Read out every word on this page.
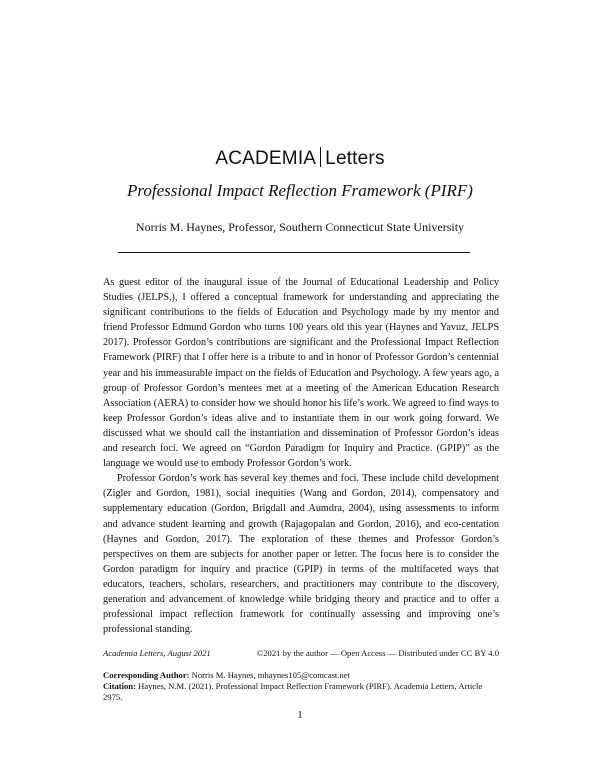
ACADEMIA Letters
Professional Impact Reflection Framework (PIRF)
Norris M. Haynes, Professor, Southern Connecticut State University

As guest editor of the inaugural issue of the Journal of Educational Leadership and Policy Studies (JELPS,), I offered a conceptual framework for understanding and appreciating the significant contributions to the fields of Education and Psychology made by my mentor and friend Professor Edmund Gordon who turns 100 years old this year (Haynes and Yavuz, JELPS 2017). Professor Gordon’s contributions are significant and the Professional Impact Reflection Framework (PIRF) that I offer here is a tribute to and in honor of Professor Gordon’s centennial year and his immeasurable impact on the fields of Education and Psychology. A few years ago, a group of Professor Gordon’s mentees met at a meeting of the American Education Research Association (AERA) to consider how we should honor his life’s work. We agreed to find ways to keep Professor Gordon’s ideas alive and to instantiate them in our work going forward. We discussed what we should call the instantiation and dissemination of Professor Gordon’s ideas and research foci. We agreed on “Gordon Paradigm for Inquiry and Practice. (GPIP)” as the language we would use to embody Professor Gordon’s work.

Professor Gordon’s work has several key themes and foci. These include child development (Zigler and Gordon, 1981), social inequities (Wang and Gordon, 2014), compensatory and supplementary education (Gordon, Brigdall and Aumdra, 2004), using assessments to inform and advance student learning and growth (Rajagopalan and Gordon, 2016), and eco-centation (Haynes and Gordon, 2017). The exploration of these themes and Professor Gordon’s perspectives on them are subjects for another paper or letter. The focus here is to consider the Gordon paradigm for inquiry and practice (GPIP) in terms of the multifaceted ways that educators, teachers, scholars, researchers, and practitioners may contribute to the discovery, generation and advancement of knowledge while bridging theory and practice and to offer a professional impact reflection framework for continually assessing and improving one’s professional standing.

Academia Letters, August 2021	©2021 by the author — Open Access — Distributed under CC BY 4.0

Corresponding Author: Norris M. Haynes, mhaynes105@comcast.net

Citation: Haynes, N.M. (2021). Professional Impact Reflection Framework (PIRF). Academia Letters, Article 2975.

1
